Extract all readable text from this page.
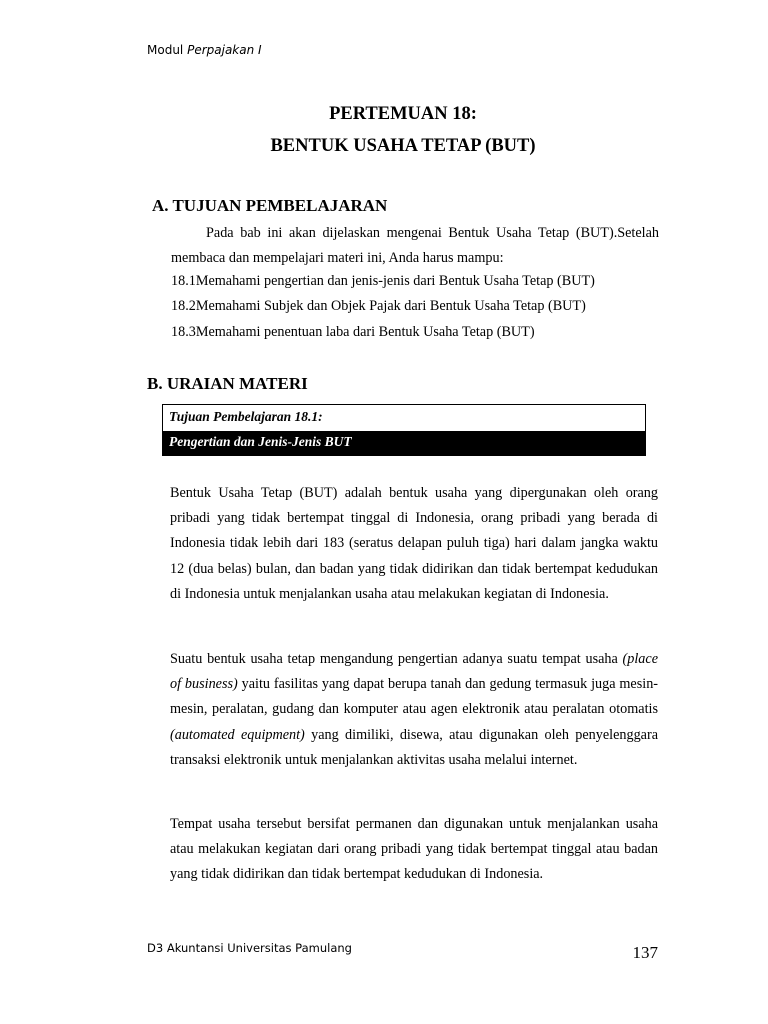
Modul Perpajakan I
PERTEMUAN 18:
BENTUK USAHA TETAP (BUT)
A. TUJUAN PEMBELAJARAN
Pada bab ini akan dijelaskan mengenai Bentuk Usaha Tetap (BUT).Setelah membaca dan mempelajari materi ini, Anda harus mampu:
18.1Memahami pengertian dan jenis-jenis dari Bentuk Usaha Tetap (BUT)
18.2Memahami Subjek dan Objek Pajak dari Bentuk Usaha Tetap (BUT)
18.3Memahami penentuan laba dari Bentuk Usaha Tetap (BUT)
B. URAIAN MATERI
Tujuan Pembelajaran 18.1:
Pengertian dan Jenis-Jenis BUT
Bentuk Usaha Tetap (BUT) adalah bentuk usaha yang dipergunakan oleh orang pribadi yang tidak bertempat tinggal di Indonesia, orang pribadi yang berada di Indonesia tidak lebih dari 183 (seratus delapan puluh tiga) hari dalam jangka waktu 12 (dua belas) bulan, dan badan yang tidak didirikan dan tidak bertempat kedudukan di Indonesia untuk menjalankan usaha atau melakukan kegiatan di Indonesia.
Suatu bentuk usaha tetap mengandung pengertian adanya suatu tempat usaha (place of business) yaitu fasilitas yang dapat berupa tanah dan gedung termasuk juga mesin-mesin, peralatan, gudang dan komputer atau agen elektronik atau peralatan otomatis (automated equipment) yang dimiliki, disewa, atau digunakan oleh penyelenggara transaksi elektronik untuk menjalankan aktivitas usaha melalui internet.
Tempat usaha tersebut bersifat permanen dan digunakan untuk menjalankan usaha atau melakukan kegiatan dari orang pribadi yang tidak bertempat tinggal atau badan yang tidak didirikan dan tidak bertempat kedudukan di Indonesia.
D3 Akuntansi Universitas Pamulang	137
